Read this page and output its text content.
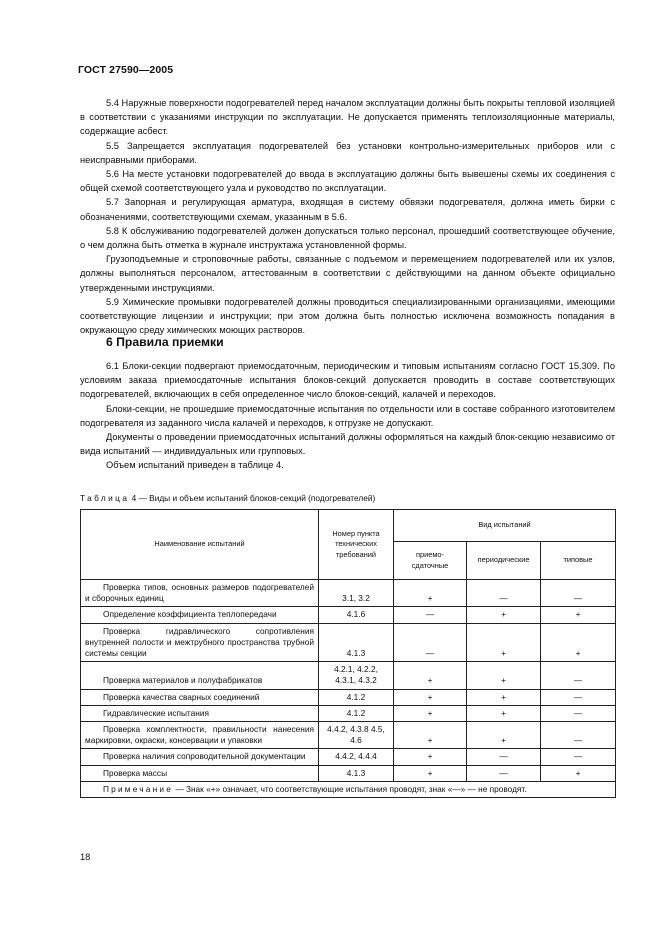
ГОСТ 27590—2005

5.4 Наружные поверхности подогревателей перед началом эксплуатации должны быть покрыты тепловой изоляцией в соответствии с указаниями инструкции по эксплуатации. Не допускается применять теплоизоляционные материалы, содержащие асбест.

5.5 Запрещается эксплуатация подогревателей без установки контрольно-измерительных приборов или с неисправными приборами.

5.6 На месте установки подогревателей до ввода в эксплуатацию должны быть вывешены схемы их соединения с общей схемой соответствующего узла и руководство по эксплуатации.

5.7 Запорная и регулирующая арматура, входящая в систему обвязки подогревателя, должна иметь бирки с обозначениями, соответствующими схемам, указанным в 5.6.

5.8 К обслуживанию подогревателей должен допускаться только персонал, прошедший соответствующее обучение, о чем должна быть отметка в журнале инструктажа установленной формы.

Грузоподъемные и строповочные работы, связанные с подъемом и перемещением подогревателей или их узлов, должны выполняться персоналом, аттестованным в соответствии с действующими на данном объекте официально утвержденными инструкциями.

5.9 Химические промывки подогревателей должны проводиться специализированными организациями, имеющими соответствующие лицензии и инструкции; при этом должна быть полностью исключена возможность попадания в окружающую среду химических моющих растворов.

6 Правила приемки

6.1 Блоки-секции подвергают приемосдаточным, периодическим и типовым испытаниям согласно ГОСТ 15.309. По условиям заказа приемосдаточные испытания блоков-секций допускается проводить в составе соответствующих подогревателей, включающих в себя определенное число блоков-секций, калачей и переходов.

Блоки-секции, не прошедшие приемосдаточные испытания по отдельности или в составе собранного изготовителем подогревателя из заданного числа калачей и переходов, к отгрузке не допускают.

Документы о проведении приемосдаточных испытаний должны оформляться на каждый блок-секцию независимо от вида испытаний — индивидуальных или групповых.

Объем испытаний приведен в таблице 4.

Таблица 4 — Виды и объем испытаний блоков-секций (подогревателей)
Наименование испытаний	Номер пункта технических требований	Вид испытаний		
		приемо-сдаточные	периодические	типовые
Проверка типов, основных размеров подогревателей и сборочных единиц	3.1, 3.2	+	—	—
Определение коэффициента теплопередачи	4.1.6	—	+	+
Проверка гидравлического сопротивления внутренней полости и межтрубного пространства трубной системы секции	4.1.3	—	+	+
Проверка материалов и полуфабрикатов	4.2.1, 4.2.2, 4.3.1, 4.3.2	+	+	—
Проверка качества сварных соединений	4.1.2	+	+	—
Гидравлические испытания	4.1.2	+	+	—
Проверка комплектности, правильности нанесения маркировки, окраски, консервации и упаковки	4.4.2, 4.3.8 4.5, 4.6	+	+	—
Проверка наличия сопроводительной документации	4.4.2, 4.4.4	+	—	—
Проверка массы	4.1.3	+	—	+
Примечание — Знак «+» означает, что соответствующие испытания проводят, знак «—» — не проводят.				
18
